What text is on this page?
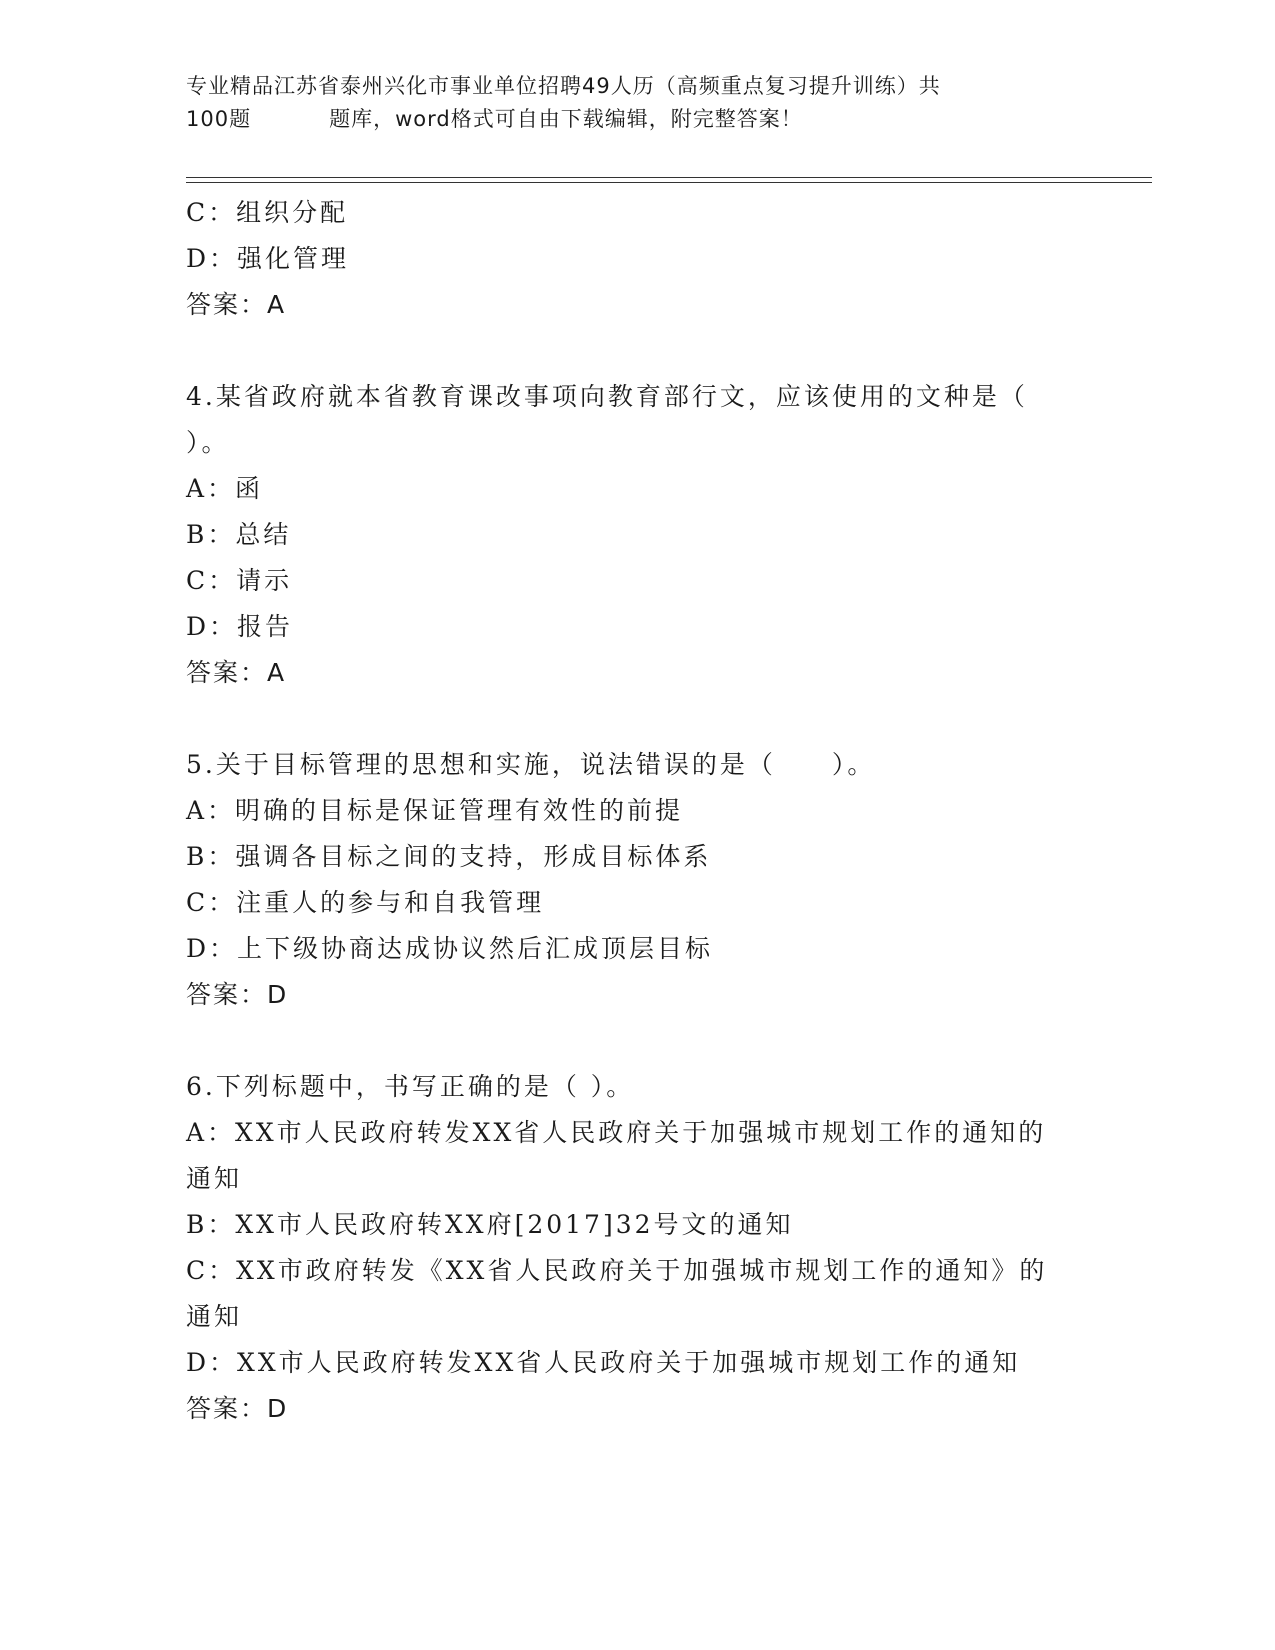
专业精品江苏省泰州兴化市事业单位招聘49人历（高频重点复习提升训练）共
100题	题库，word格式可自由下载编辑，附完整答案！
C：组织分配
D：强化管理
答案：A
4.某省政府就本省教育课改事项向教育部行文，应该使用的文种是（
）。
A：函
B：总结
C：请示
D：报告
答案：A
5.关于目标管理的思想和实施，说法错误的是（　　）。
A：明确的目标是保证管理有效性的前提
B：强调各目标之间的支持，形成目标体系
C：注重人的参与和自我管理
D：上下级协商达成协议然后汇成顶层目标
答案：D
6.下列标题中，书写正确的是（ ）。
A：XX市人民政府转发XX省人民政府关于加强城市规划工作的通知的
通知
B：XX市人民政府转XX府[2017]32号文的通知
C：XX市政府转发《XX省人民政府关于加强城市规划工作的通知》的
通知
D：XX市人民政府转发XX省人民政府关于加强城市规划工作的通知
答案：D
